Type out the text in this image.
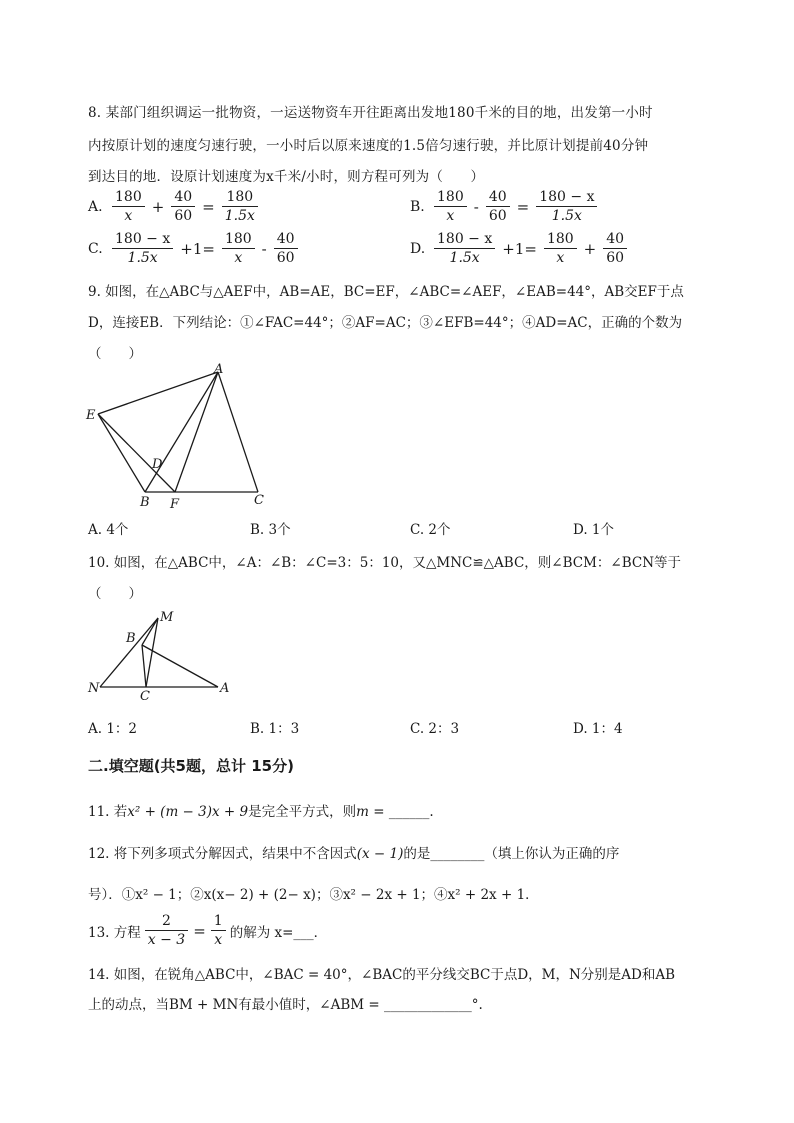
8. 某部门组织调运一批物资，一运送物资车开往距离出发地180千米的目的地，出发第一小时
内按原计划的速度匀速行驶，一小时后以原来速度的1.5倍匀速行驶，并比原计划提前40分钟
到达目的地．设原计划速度为x千米/小时，则方程可列为（　　）
A. $\frac{180}{x} + \frac{40}{60} = \frac{180}{1.5x}$	B. $\frac{180}{x} - \frac{40}{60} = \frac{180 - x}{1.5x}$
C. $\frac{180 - x}{1.5x} +1= \frac{180}{x} - \frac{40}{60}$	D. $\frac{180 - x}{1.5x} +1= \frac{180}{x} + \frac{40}{60}$
9. 如图，在△ABC与△AEF中，AB=AE，BC=EF，∠ABC=∠AEF，∠EAB=44°，AB交EF于点
D，连接EB．下列结论：①∠FAC=44°；②AF=AC；③∠EFB=44°；④AD=AC，正确的个数为
（　　）
A
E
D
B F	C
A. 4个	B. 3个	C. 2个	D. 1个
10. 如图，在△ABC中，∠A：∠B：∠C=3：5：10，又△MNC≌△ABC，则∠BCM：∠BCN等于
（　　）
M
B
N
C
A
A. 1：2	B. 1：3	C. 2：3	D. 1：4
二.填空题(共5题，总计 15分)
11. 若x² + (m − 3)x + 9是完全平方式，则m = ______.
12. 将下列多项式分解因式，结果中不含因式(x − 1)的是________（填上你认为正确的序
号）．①x² − 1；②x(x− 2) + (2− x)；③x² − 2x + 1；④x² + 2x + 1．
13. 方程 $\frac{2}{x - 3} = \frac{1}{x}$ 的解为 x=___．
14. 如图，在锐角△ABC中，∠BAC = 40°，∠BAC的平分线交BC于点D，M，N分别是AD和AB
上的动点，当BM + MN有最小值时，∠ABM = _____________°.
